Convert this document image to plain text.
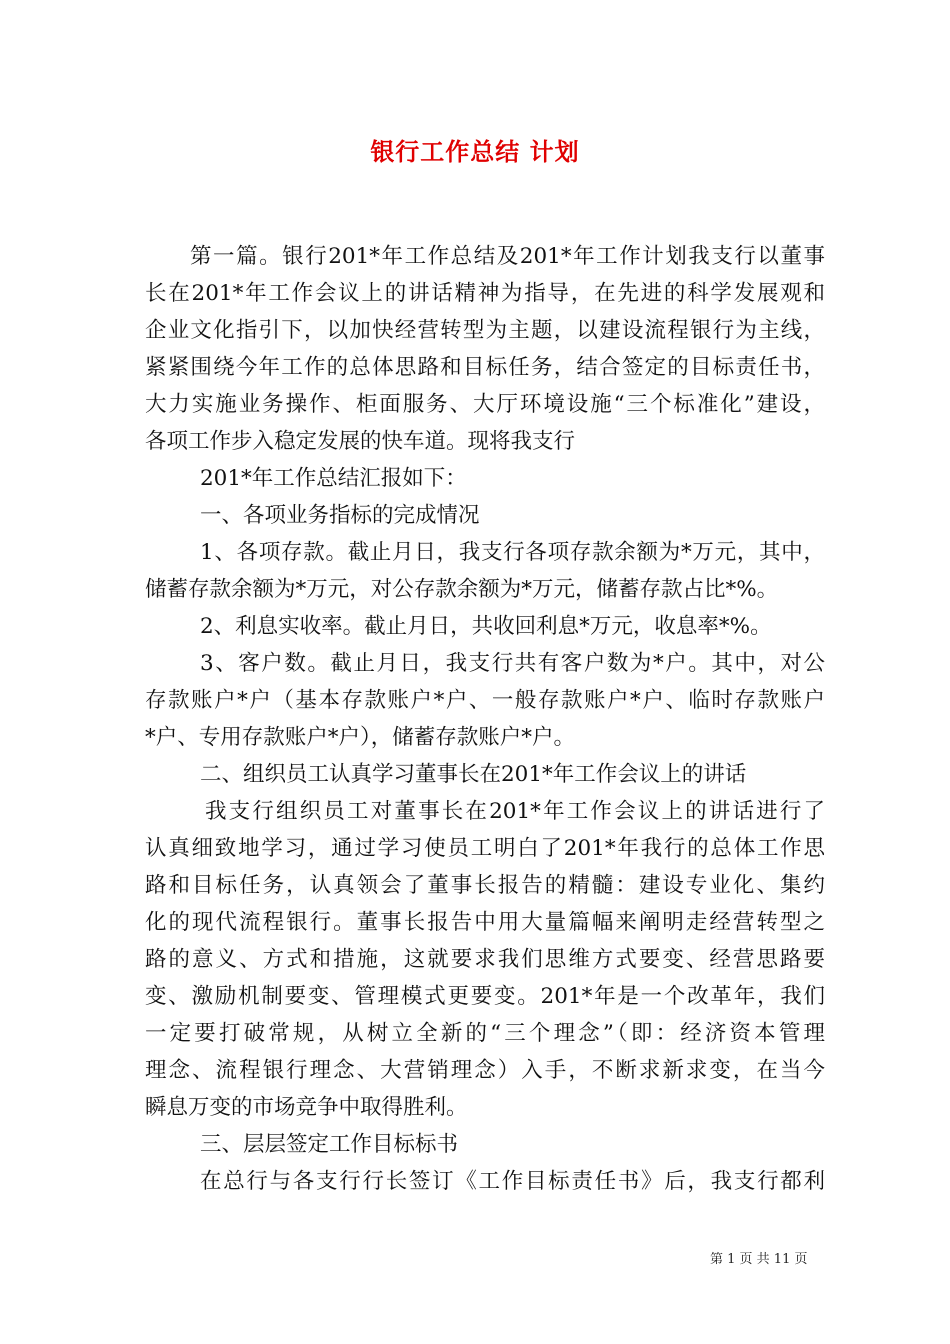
银行工作总结 计划
第一篇。银行201*年工作总结及201*年工作计划我支行以董事
长在201*年工作会议上的讲话精神为指导，在先进的科学发展观和
企业文化指引下，以加快经营转型为主题，以建设流程银行为主线，
紧紧围绕今年工作的总体思路和目标任务，结合签定的目标责任书，
大力实施业务操作、柜面服务、大厅环境设施“三个标准化”建设，
各项工作步入稳定发展的快车道。现将我支行
201*年工作总结汇报如下：
一、各项业务指标的完成情况
1、各项存款。截止月日，我支行各项存款余额为*万元，其中，
储蓄存款余额为*万元，对公存款余额为*万元，储蓄存款占比*%。
2、利息实收率。截止月日，共收回利息*万元，收息率*%。
3、客户数。截止月日，我支行共有客户数为*户。其中，对公
存款账户*户（基本存款账户*户、一般存款账户*户、临时存款账户
*户、专用存款账户*户），储蓄存款账户*户。
二、组织员工认真学习董事长在201*年工作会议上的讲话
我支行组织员工对董事长在201*年工作会议上的讲话进行了
认真细致地学习，通过学习使员工明白了201*年我行的总体工作思
路和目标任务，认真领会了董事长报告的精髓：建设专业化、集约
化的现代流程银行。董事长报告中用大量篇幅来阐明走经营转型之
路的意义、方式和措施，这就要求我们思维方式要变、经营思路要
变、激励机制要变、管理模式更要变。201*年是一个改革年，我们
一定要打破常规，从树立全新的“三个理念”（即：经济资本管理
理念、流程银行理念、大营销理念）入手，不断求新求变，在当今
瞬息万变的市场竞争中取得胜利。
三、层层签定工作目标标书
在总行与各支行行长签订《工作目标责任书》后，我支行都利
第 1 页 共 11 页
